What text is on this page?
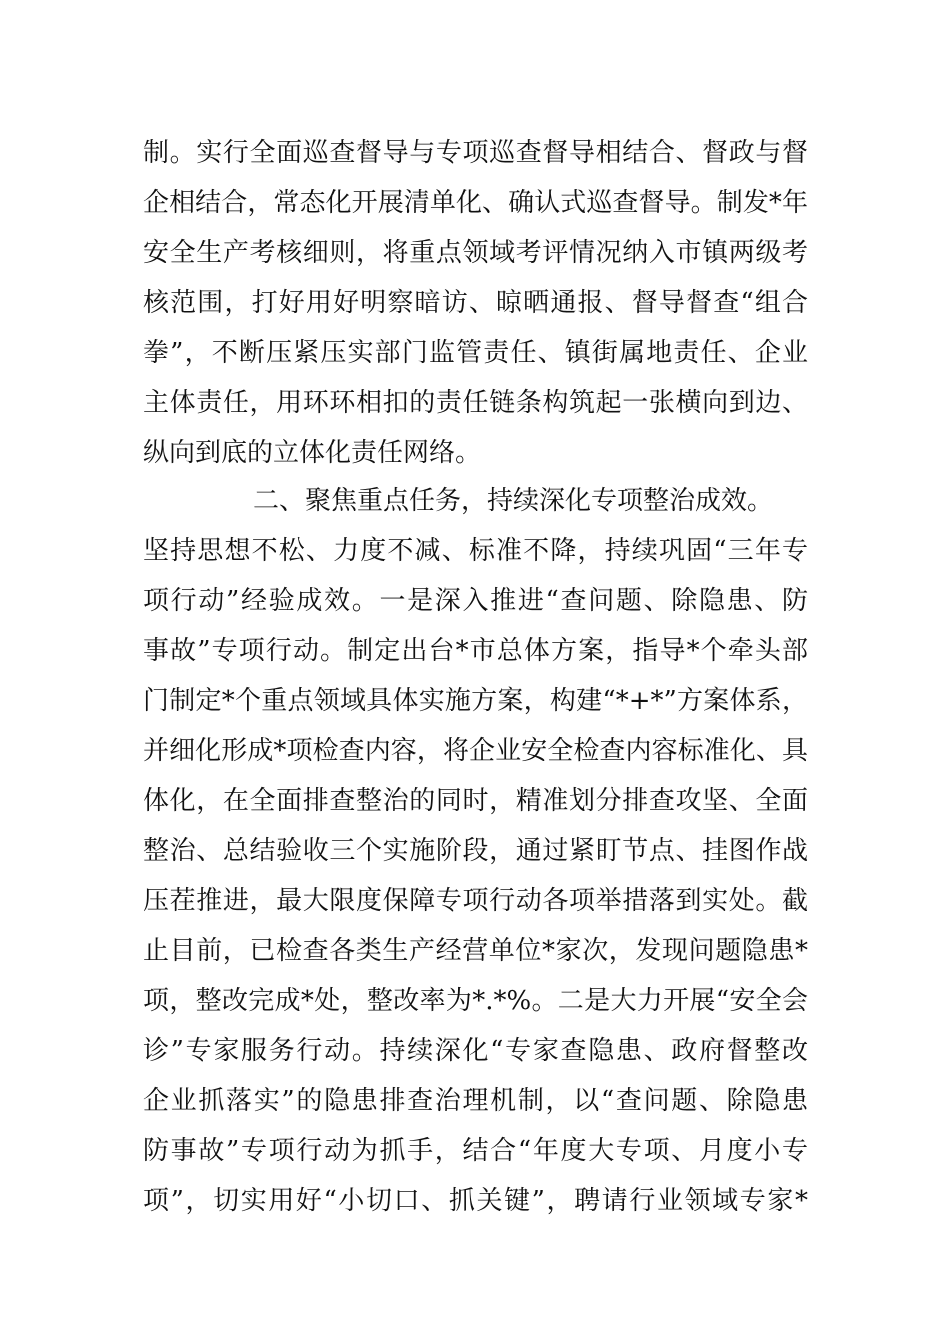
制。实行全面巡查督导与专项巡查督导相结合、督政与督
企相结合，常态化开展清单化、确认式巡查督导。制发*年
安全生产考核细则，将重点领域考评情况纳入市镇两级考
核范围，打好用好明察暗访、晾晒通报、督导督查“组合
拳”，不断压紧压实部门监管责任、镇街属地责任、企业
主体责任，用环环相扣的责任链条构筑起一张横向到边、
纵向到底的立体化责任网络。
二、聚焦重点任务，持续深化专项整治成效。
坚持思想不松、力度不减、标准不降，持续巩固“三年专
项行动”经验成效。一是深入推进“查问题、除隐患、防
事故”专项行动。制定出台*市总体方案，指导*个牵头部
门制定*个重点领域具体实施方案，构建“*+*”方案体系，
并细化形成*项检查内容，将企业安全检查内容标准化、具
体化，在全面排查整治的同时，精准划分排查攻坚、全面
整治、总结验收三个实施阶段，通过紧盯节点、挂图作战
压茬推进，最大限度保障专项行动各项举措落到实处。截
止目前，已检查各类生产经营单位*家次，发现问题隐患*
项，整改完成*处，整改率为*.*%。二是大力开展“安全会
诊”专家服务行动。持续深化“专家查隐患、政府督整改
企业抓落实”的隐患排查治理机制，以“查问题、除隐患
防事故”专项行动为抓手，结合“年度大专项、月度小专
项”，切实用好“小切口、抓关键”，聘请行业领域专家*
